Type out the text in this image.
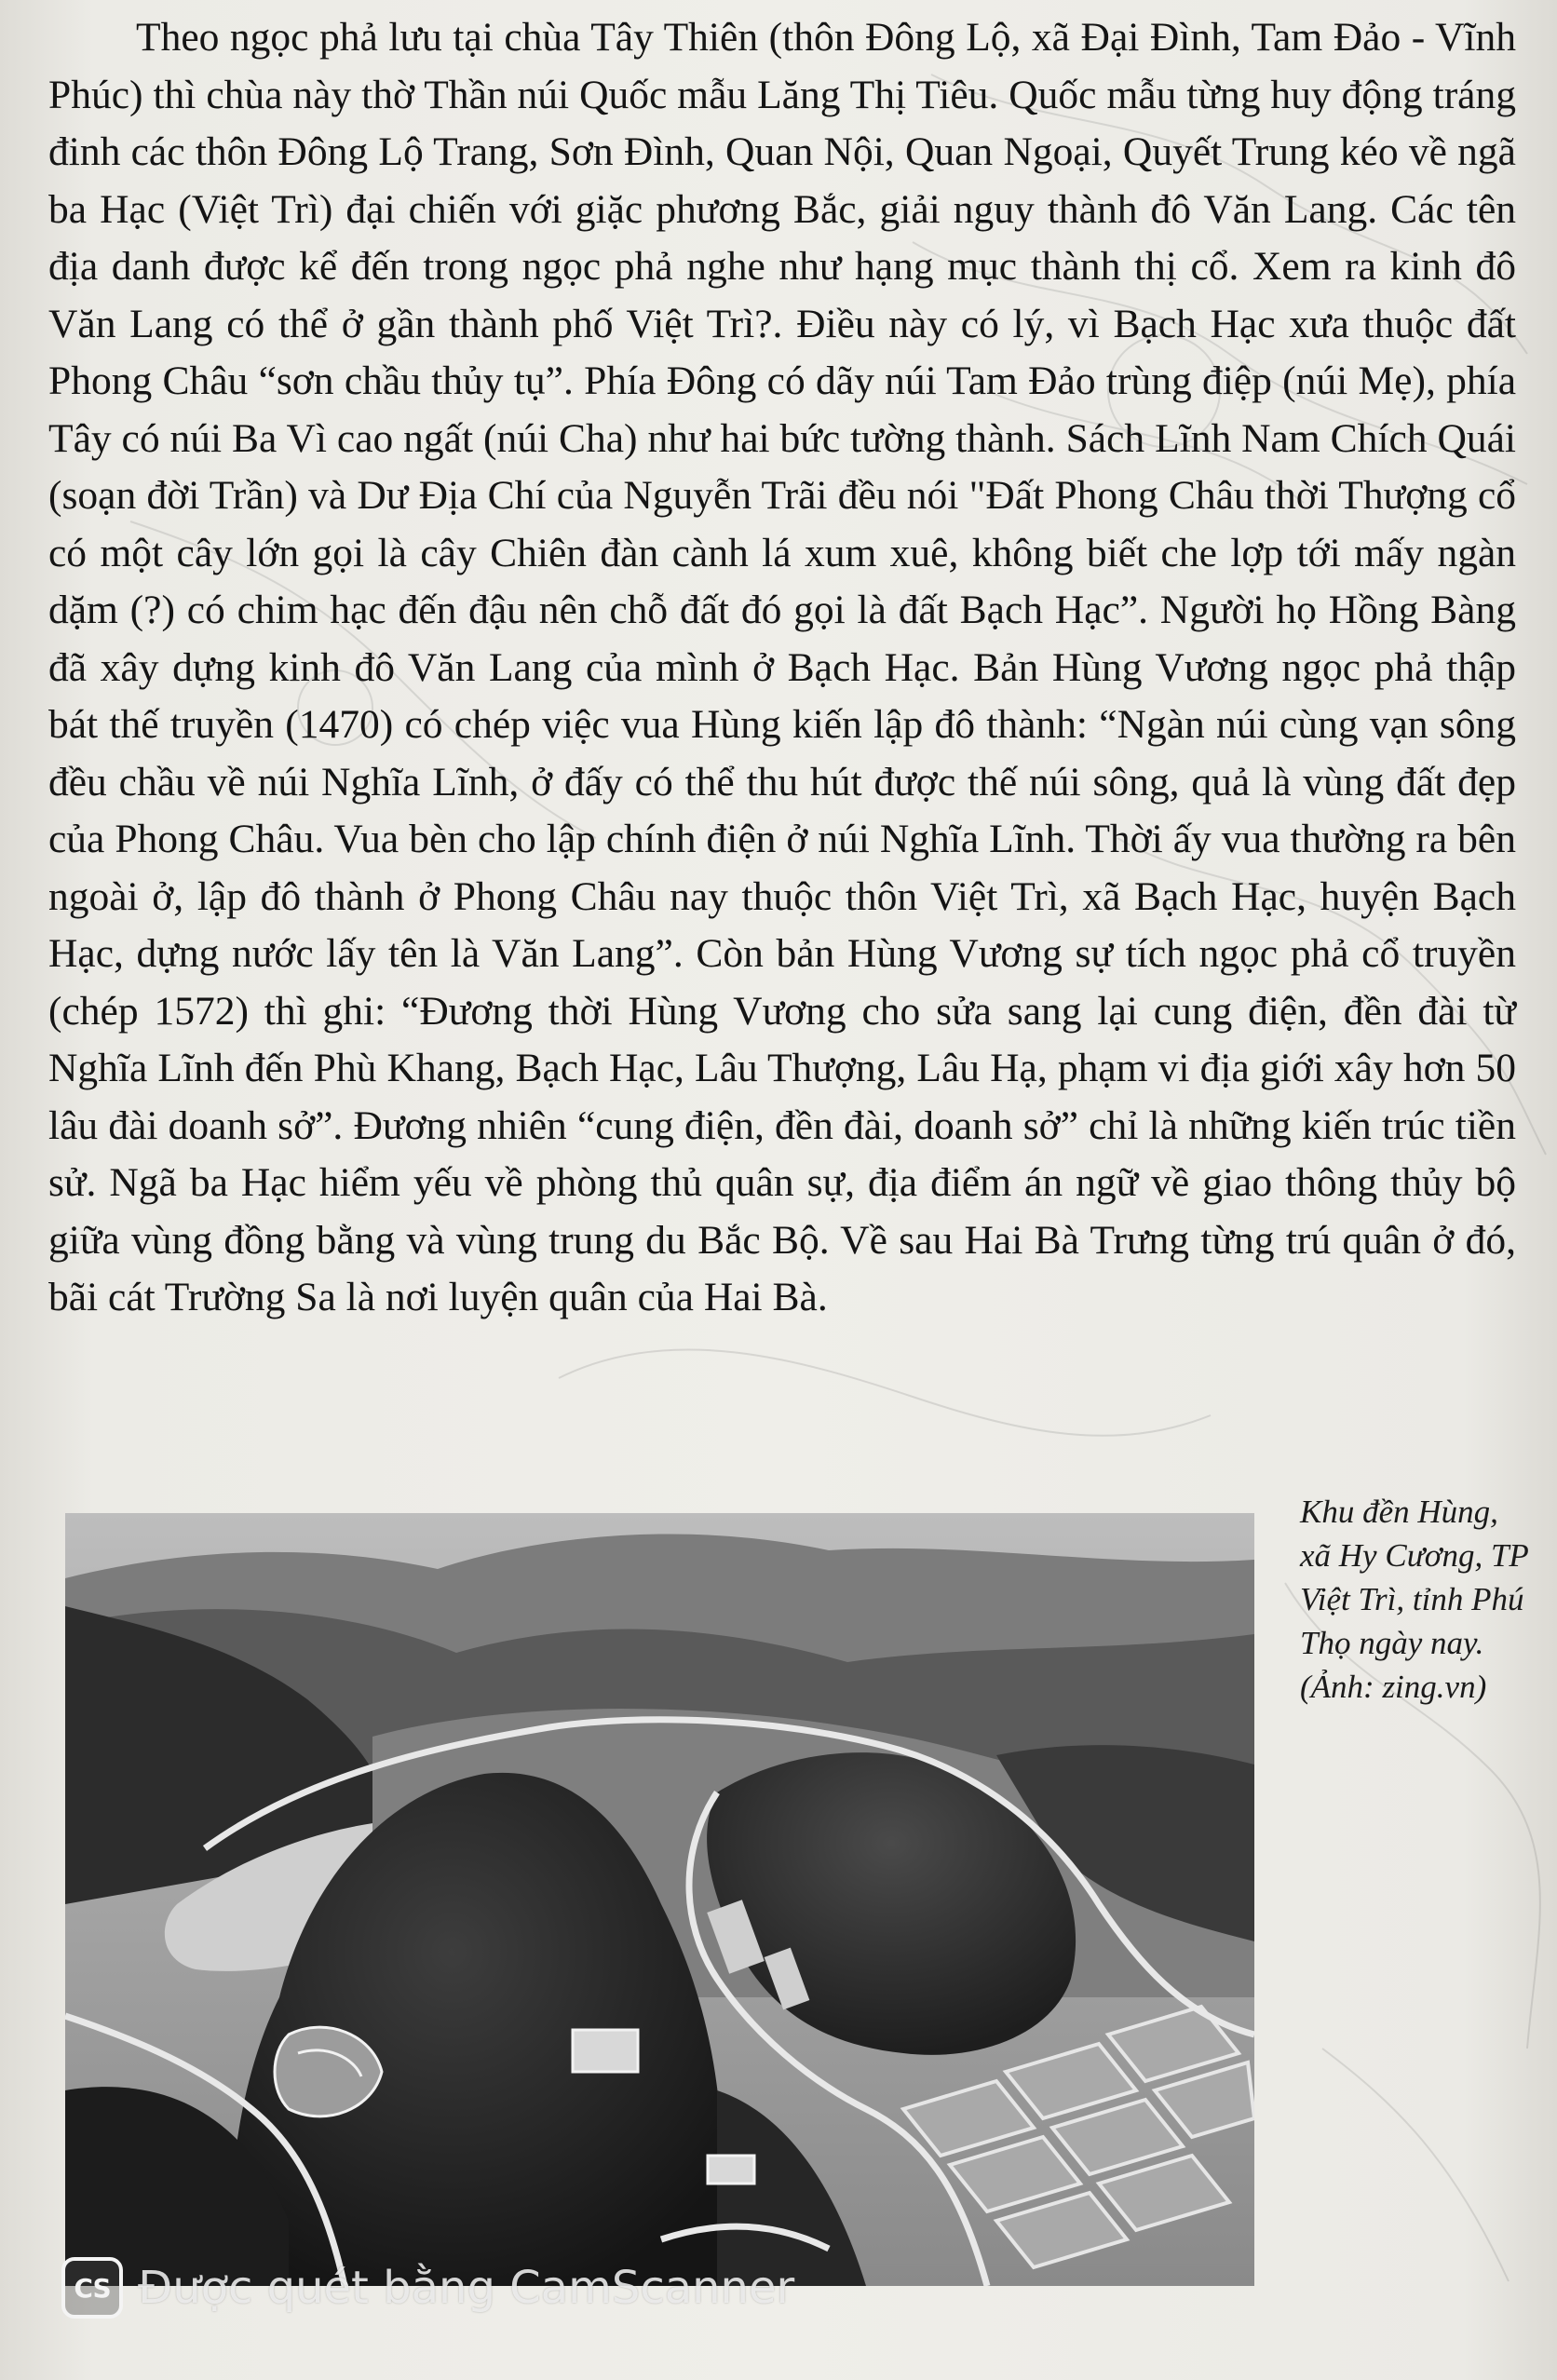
Theo ngọc phả lưu tại chùa Tây Thiên (thôn Đông Lộ, xã Đại Đình, Tam Đảo - Vĩnh Phúc) thì chùa này thờ Thần núi Quốc mẫu Lăng Thị Tiêu. Quốc mẫu từng huy động tráng đinh các thôn Đông Lộ Trang, Sơn Đình, Quan Nội, Quan Ngoại, Quyết Trung kéo về ngã ba Hạc (Việt Trì) đại chiến với giặc phương Bắc, giải nguy thành đô Văn Lang. Các tên địa danh được kể đến trong ngọc phả nghe như hạng mục thành thị cổ. Xem ra kinh đô Văn Lang có thể ở gần thành phố Việt Trì?. Điều này có lý, vì Bạch Hạc xưa thuộc đất Phong Châu “sơn chầu thủy tụ”. Phía Đông có dãy núi Tam Đảo trùng điệp (núi Mẹ), phía Tây có núi Ba Vì cao ngất (núi Cha) như hai bức tường thành. Sách Lĩnh Nam Chích Quái (soạn đời Trần) và Dư Địa Chí của Nguyễn Trãi đều nói "Đất Phong Châu thời Thượng cổ có một cây lớn gọi là cây Chiên đàn cành lá xum xuê, không biết che lợp tới mấy ngàn dặm (?) có chim hạc đến đậu nên chỗ đất đó gọi là đất Bạch Hạc”. Người họ Hồng Bàng đã xây dựng kinh đô Văn Lang của mình ở Bạch Hạc. Bản Hùng Vương ngọc phả thập bát thế truyền (1470) có chép việc vua Hùng kiến lập đô thành: “Ngàn núi cùng vạn sông đều chầu về núi Nghĩa Lĩnh, ở đấy có thể thu hút được thế núi sông, quả là vùng đất đẹp của Phong Châu. Vua bèn cho lập chính điện ở núi Nghĩa Lĩnh. Thời ấy vua thường ra bên ngoài ở, lập đô thành ở Phong Châu nay thuộc thôn Việt Trì, xã Bạch Hạc, huyện Bạch Hạc, dựng nước lấy tên là Văn Lang”. Còn bản Hùng Vương sự tích ngọc phả cổ truyền (chép 1572) thì ghi: “Đương thời Hùng Vương cho sửa sang lại cung điện, đền đài từ Nghĩa Lĩnh đến Phù Khang, Bạch Hạc, Lâu Thượng, Lâu Hạ, phạm vi địa giới xây hơn 50 lâu đài doanh sở”. Đương nhiên “cung điện, đền đài, doanh sở” chỉ là những kiến trúc tiền sử. Ngã ba Hạc hiểm yếu về phòng thủ quân sự, địa điểm án ngữ về giao thông thủy bộ giữa vùng đồng bằng và vùng trung du Bắc Bộ. Về sau Hai Bà Trưng từng trú quân ở đó, bãi cát Trường Sa là nơi luyện quân của Hai Bà.

Khu đền Hùng,
xã Hy Cương, TP
Việt Trì, tỉnh Phú
Thọ ngày nay.
(Ảnh: zing.vn)
CS Được quét bằng CamScanner
